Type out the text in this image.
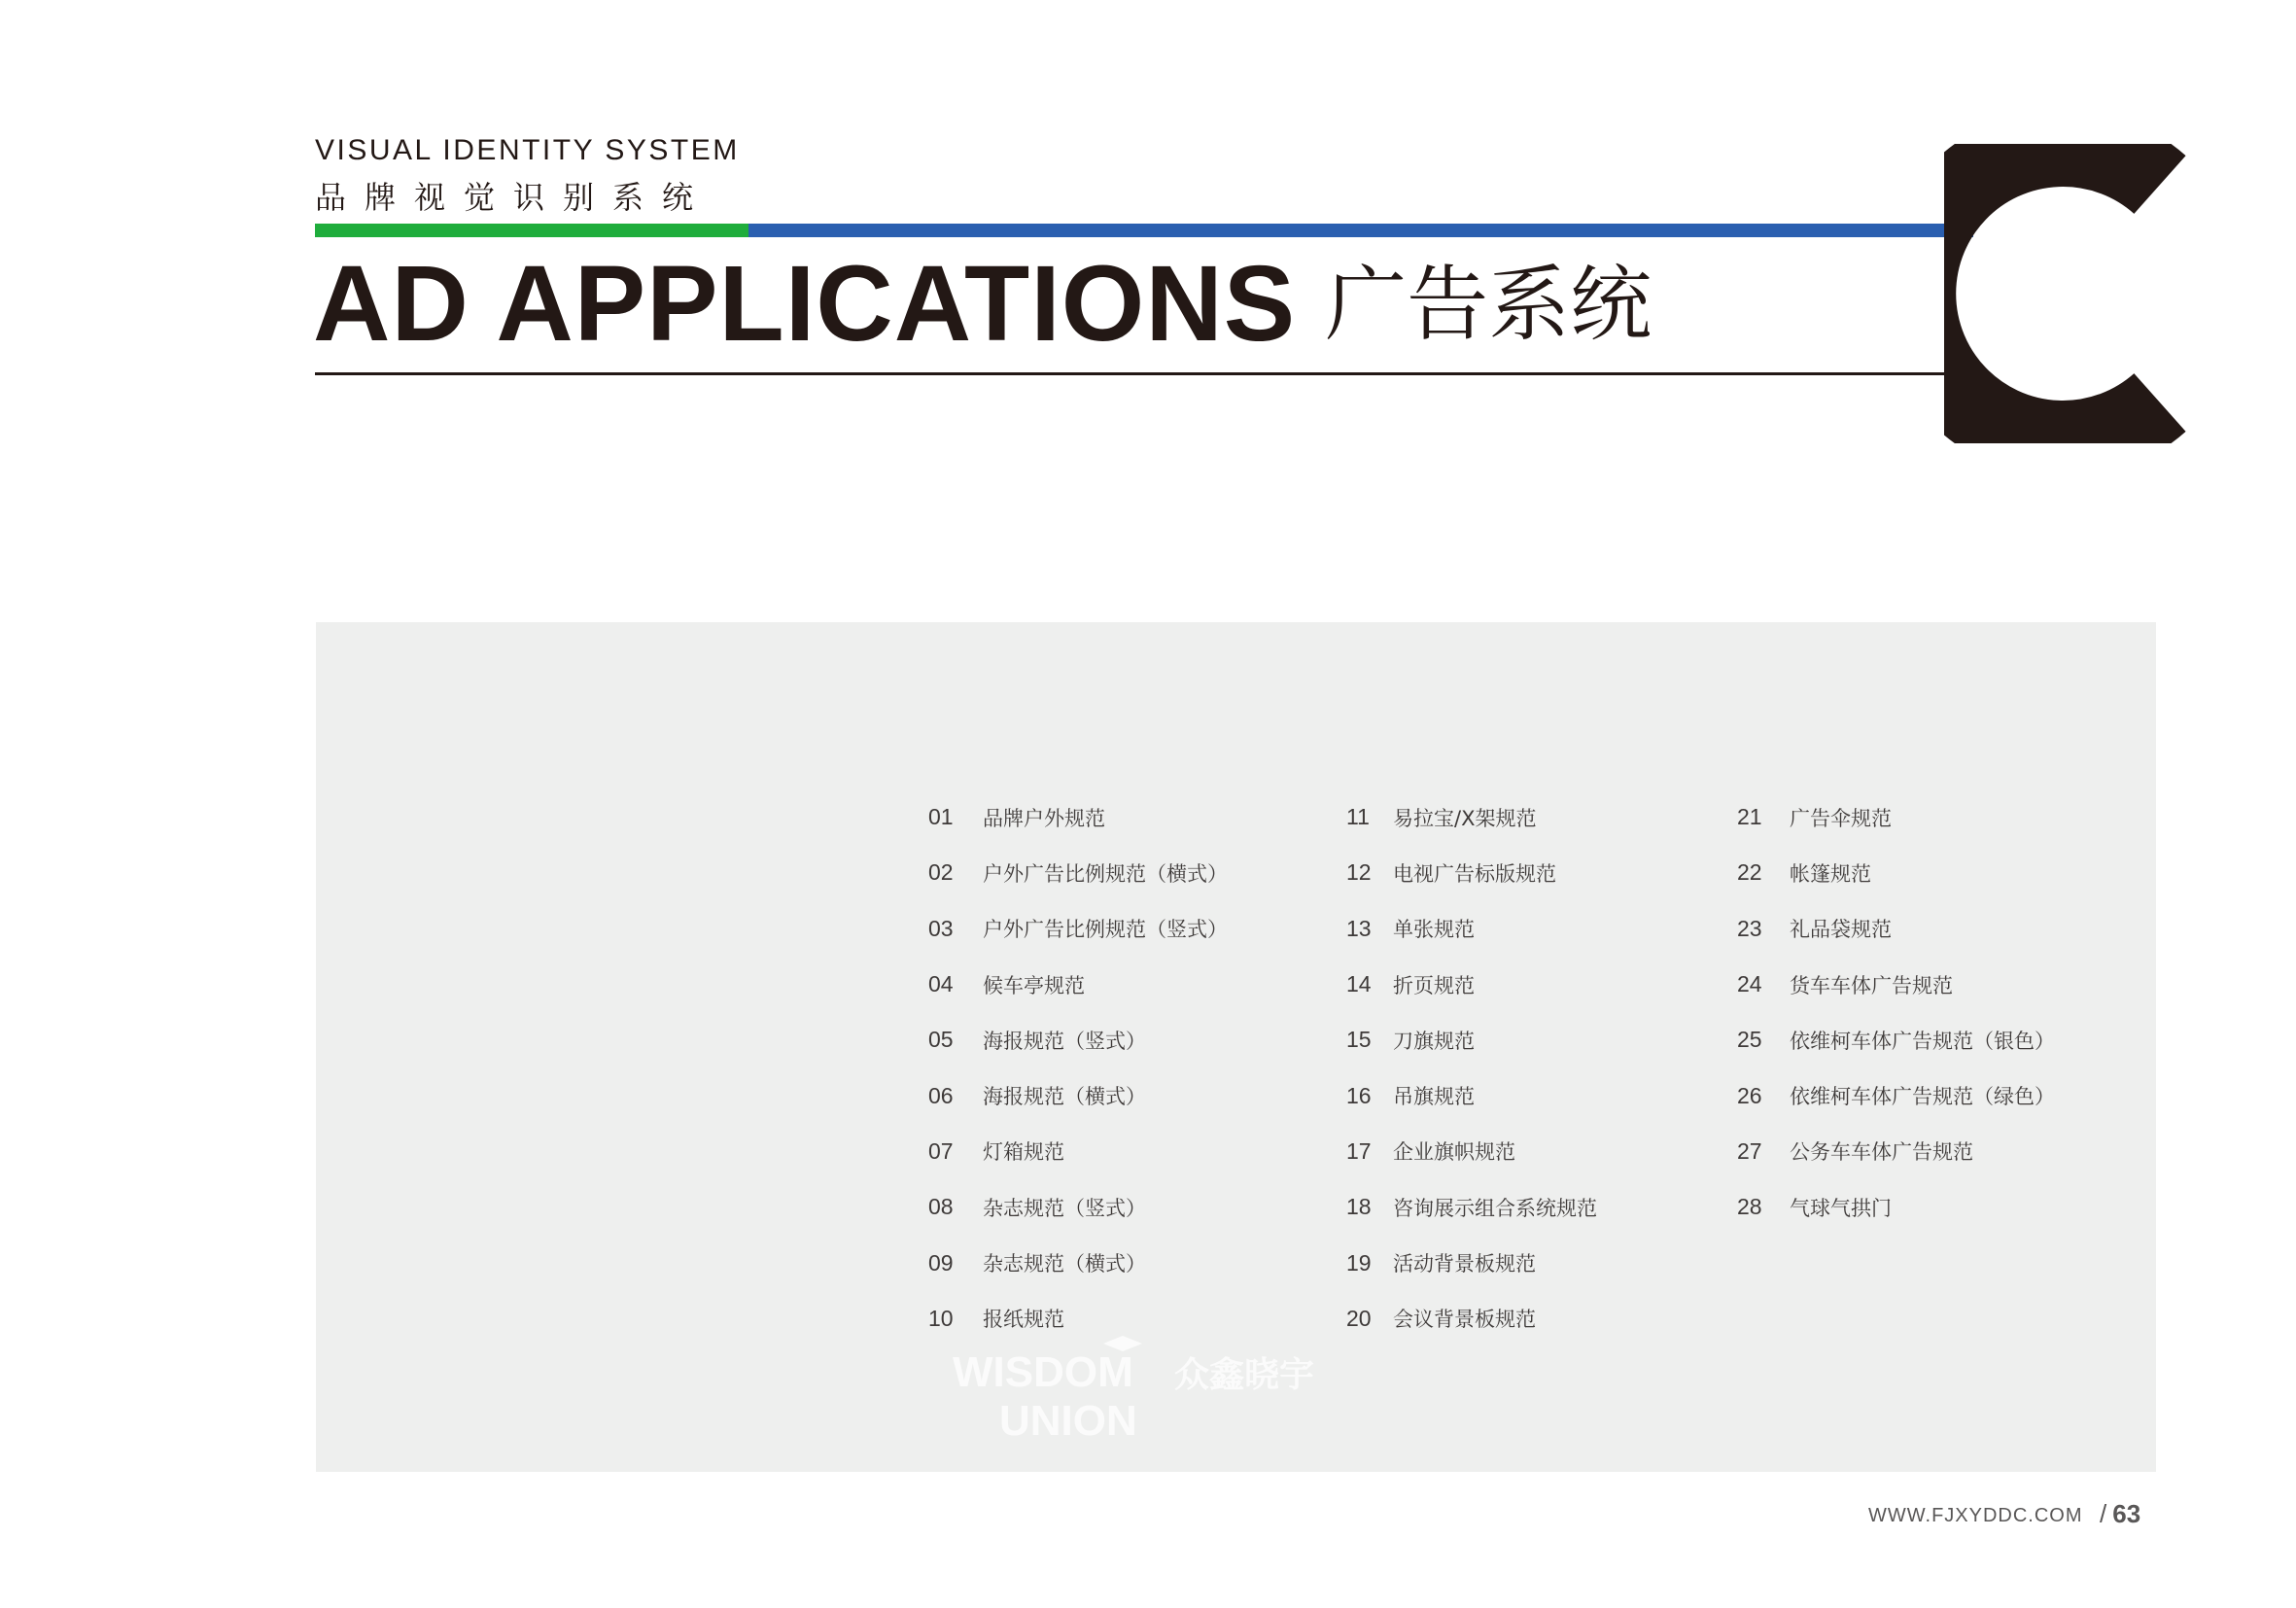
VISUAL IDENTITY SYSTEM
品牌视觉识别系统
AD APPLICATIONS 广告系统
01	品牌户外规范
02	户外广告比例规范（横式）
03	户外广告比例规范（竖式）
04	候车亭规范
05	海报规范（竖式）
06	海报规范（横式）
07	灯箱规范
08	杂志规范（竖式）
09	杂志规范（横式）
10	报纸规范
11	易拉宝/X架规范
12	电视广告标版规范
13	单张规范
14	折页规范
15	刀旗规范
16	吊旗规范
17	企业旗帜规范
18	咨询展示组合系统规范
19	活动背景板规范
20	会议背景板规范
21	广告伞规范
22	帐篷规范
23	礼品袋规范
24	货车车体广告规范
25	依维柯车体广告规范（银色）
26	依维柯车体广告规范（绿色）
27	公务车车体广告规范
28	气球气拱门
WISDOM
UNION
众鑫晓宇
WWW.FJXYDDC.COM / 63
